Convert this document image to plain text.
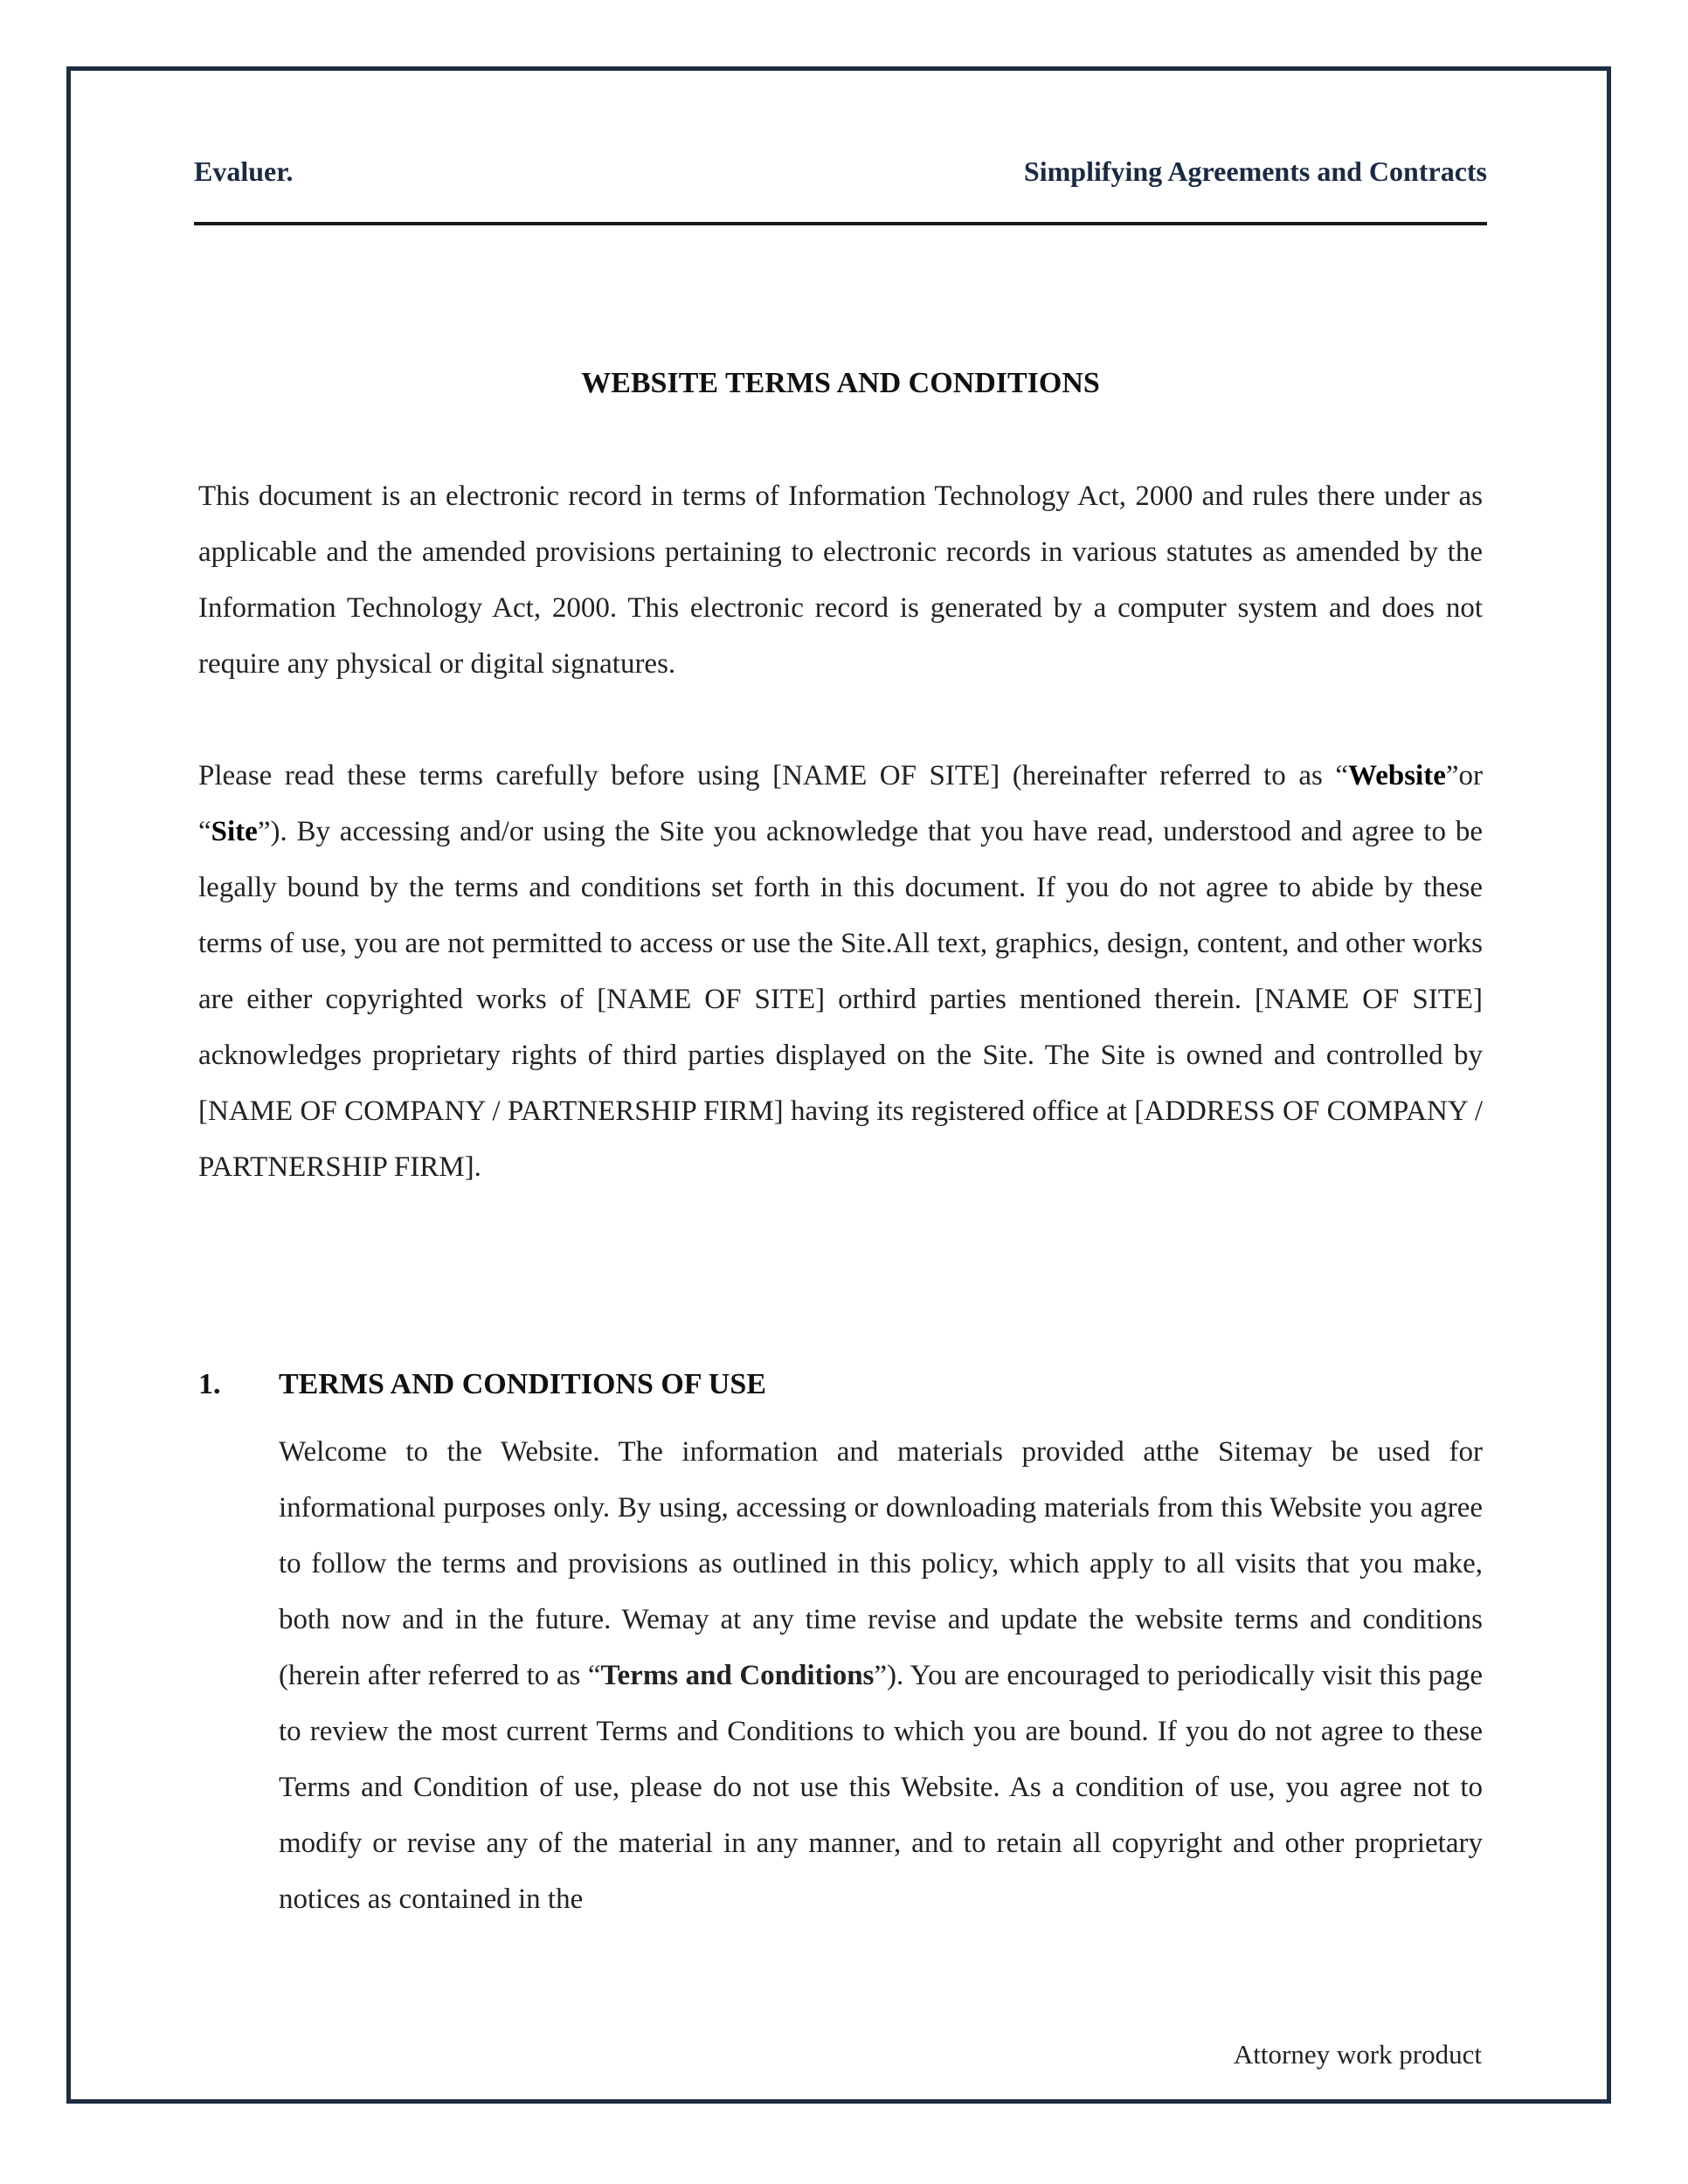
Evaluer.	Simplifying Agreements and Contracts
WEBSITE TERMS AND CONDITIONS
This document is an electronic record in terms of Information Technology Act, 2000 and rules there under as applicable and the amended provisions pertaining to electronic records in various statutes as amended by the Information Technology Act, 2000. This electronic record is generated by a computer system and does not require any physical or digital signatures.
Please read these terms carefully before using [NAME OF SITE] (hereinafter referred to as “Website”or “Site”). By accessing and/or using the Site you acknowledge that you have read, understood and agree to be legally bound by the terms and conditions set forth in this document. If you do not agree to abide by these terms of use, you are not permitted to access or use the Site.All text, graphics, design, content, and other works are either copyrighted works of [NAME OF SITE] orthird parties mentioned therein. [NAME OF SITE] acknowledges proprietary rights of third parties displayed on the Site. The Site is owned and controlled by [NAME OF COMPANY / PARTNERSHIP FIRM] having its registered office at [ADDRESS OF COMPANY / PARTNERSHIP FIRM].
1. TERMS AND CONDITIONS OF USE
Welcome to the Website. The information and materials provided atthe Sitemay be used for informational purposes only. By using, accessing or downloading materials from this Website you agree to follow the terms and provisions as outlined in this policy, which apply to all visits that you make, both now and in the future. Wemay at any time revise and update the website terms and conditions (herein after referred to as “Terms and Conditions”). You are encouraged to periodically visit this page to review the most current Terms and Conditions to which you are bound. If you do not agree to these Terms and Condition of use, please do not use this Website. As a condition of use, you agree not to modify or revise any of the material in any manner, and to retain all copyright and other proprietary notices as contained in the
Attorney work product
